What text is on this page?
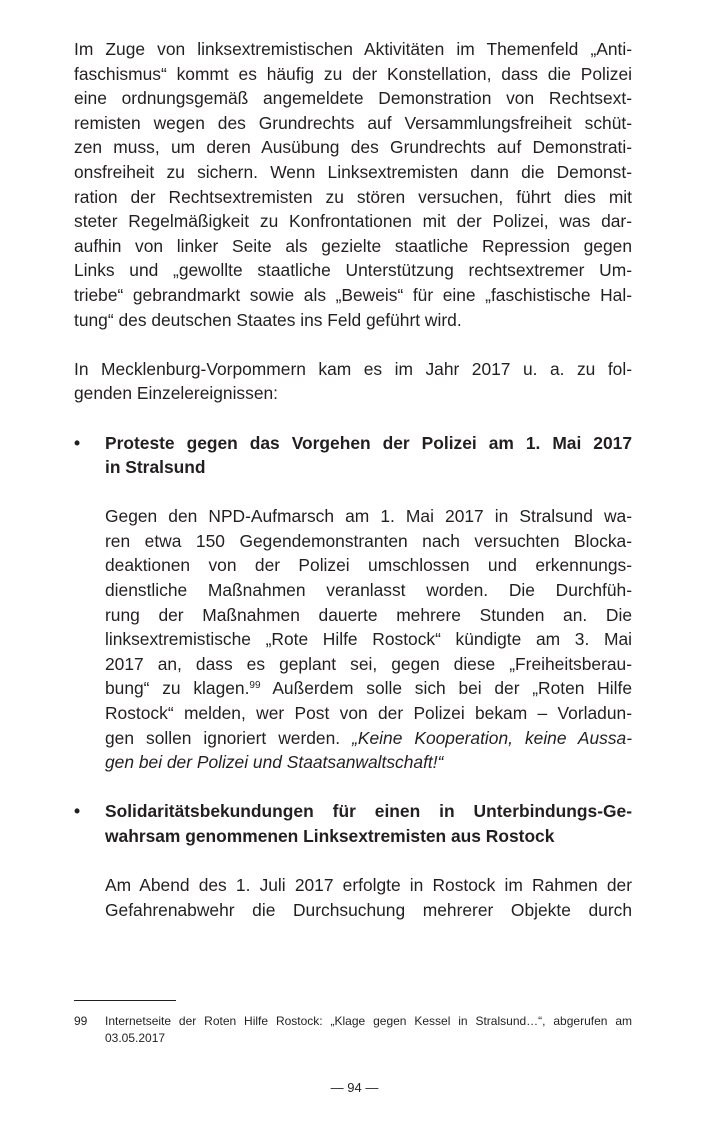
Im Zuge von linksextremistischen Aktivitäten im Themenfeld „Anti-
faschismus“ kommt es häufig zu der Konstellation, dass die Polizei
eine ordnungsgemäß angemeldete Demonstration von Rechtsext-
remisten wegen des Grundrechts auf Versammlungsfreiheit schüt-
zen muss, um deren Ausübung des Grundrechts auf Demonstrati-
onsfreiheit zu sichern. Wenn Linksextremisten dann die Demonst-
ration der Rechtsextremisten zu stören versuchen, führt dies mit
steter Regelmäßigkeit zu Konfrontationen mit der Polizei, was dar-
aufhin von linker Seite als gezielte staatliche Repression gegen
Links und „gewollte staatliche Unterstützung rechtsextremer Um-
triebe“ gebrandmarkt sowie als „Beweis“ für eine „faschistische Hal-
tung“ des deutschen Staates ins Feld geführt wird.
In Mecklenburg-Vorpommern kam es im Jahr 2017 u. a. zu fol-
genden Einzelereignissen:
• Proteste gegen das Vorgehen der Polizei am 1. Mai 2017
in Stralsund
Gegen den NPD-Aufmarsch am 1. Mai 2017 in Stralsund wa-
ren etwa 150 Gegendemonstranten nach versuchten Blocka-
deaktionen von der Polizei umschlossen und erkennungs-
dienstliche Maßnahmen veranlasst worden. Die Durchfüh-
rung der Maßnahmen dauerte mehrere Stunden an. Die
linksextremistische „Rote Hilfe Rostock“ kündigte am 3. Mai
2017 an, dass es geplant sei, gegen diese „Freiheitsberau-
bung“ zu klagen.$^{99}$ Außerdem solle sich bei der „Roten Hilfe
Rostock“ melden, wer Post von der Polizei bekam – Vorladun-
gen sollen ignoriert werden. „Keine Kooperation, keine Aussa-
gen bei der Polizei und Staatsanwaltschaft!“
• Solidaritätsbekundungen für einen in Unterbindungs-Ge-
wahrsam genommenen Linksextremisten aus Rostock
Am Abend des 1. Juli 2017 erfolgte in Rostock im Rahmen der
Gefahrenabwehr die Durchsuchung mehrerer Objekte durch
99 Internetseite der Roten Hilfe Rostock: „Klage gegen Kessel in Stralsund…“, abgerufen am
03.05.2017
— 94 —
